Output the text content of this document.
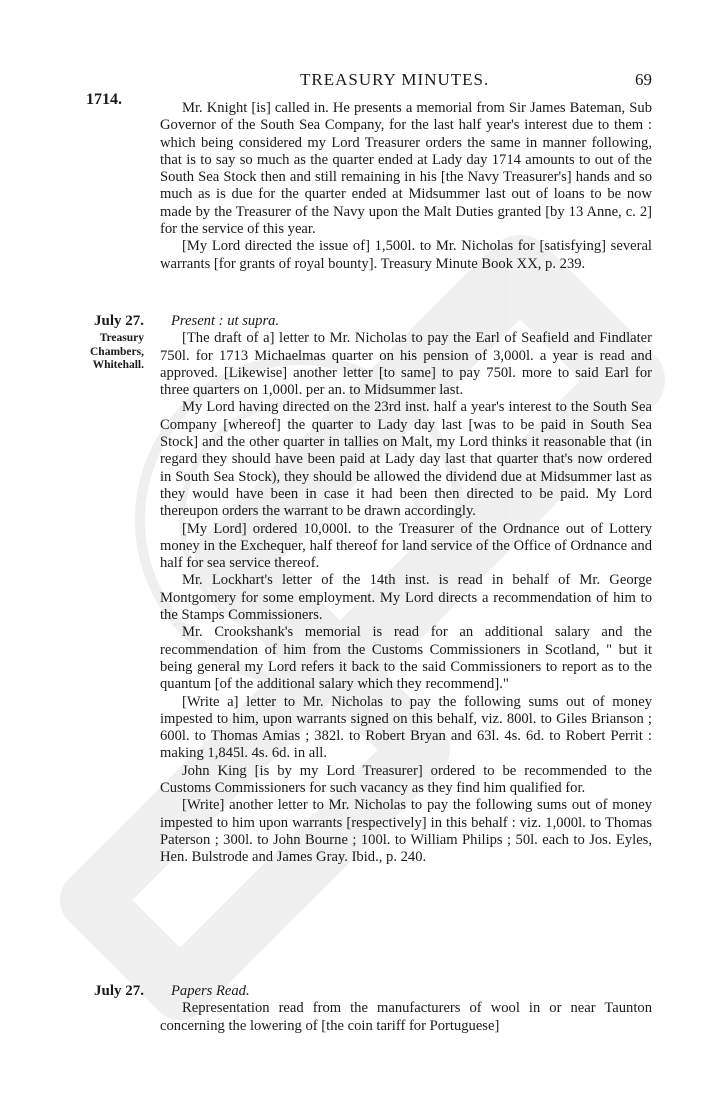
TREASURY MINUTES.	69
1714.	Mr. Knight [is] called in. He presents a memorial from Sir James Bateman, Sub Governor of the South Sea Company, for the last half year's interest due to them : which being considered my Lord Treasurer orders the same in manner following, that is to say so much as the quarter ended at Lady day 1714 amounts to out of the South Sea Stock then and still remaining in his [the Navy Treasurer's] hands and so much as is due for the quarter ended at Midsummer last out of loans to be now made by the Treasurer of the Navy upon the Malt Duties granted [by 13 Anne, c. 2] for the service of this year.

[My Lord directed the issue of] 1,500l. to Mr. Nicholas for [satisfying] several warrants [for grants of royal bounty]. Treasury Minute Book XX, p. 239.

July 27.
Treasury
Chambers,
Whitehall.

Present : ut supra.

[The draft of a] letter to Mr. Nicholas to pay the Earl of Seafield and Findlater 750l. for 1713 Michaelmas quarter on his pension of 3,000l. a year is read and approved. [Likewise] another letter [to same] to pay 750l. more to said Earl for three quarters on 1,000l. per an. to Midsummer last.

My Lord having directed on the 23rd inst. half a year's interest to the South Sea Company [whereof] the quarter to Lady day last [was to be paid in South Sea Stock] and the other quarter in tallies on Malt, my Lord thinks it reasonable that (in regard they should have been paid at Lady day last that quarter that's now ordered in South Sea Stock), they should be allowed the dividend due at Midsummer last as they would have been in case it had been then directed to be paid. My Lord thereupon orders the warrant to be drawn accordingly.

[My Lord] ordered 10,000l. to the Treasurer of the Ordnance out of Lottery money in the Exchequer, half thereof for land service of the Office of Ordnance and half for sea service thereof.

Mr. Lockhart's letter of the 14th inst. is read in behalf of Mr. George Montgomery for some employment. My Lord directs a recommendation of him to the Stamps Commissioners.

Mr. Crookshank's memorial is read for an additional salary and the recommendation of him from the Customs Commissioners in Scotland, " but it being general my Lord refers it back to the said Commissioners to report as to the quantum [of the additional salary which they recommend]."

[Write a] letter to Mr. Nicholas to pay the following sums out of money impested to him, upon warrants signed on this behalf, viz. 800l. to Giles Brianson ; 600l. to Thomas Amias ; 382l. to Robert Bryan and 63l. 4s. 6d. to Robert Perrit : making 1,845l. 4s. 6d. in all.

John King [is by my Lord Treasurer] ordered to be recommended to the Customs Commissioners for such vacancy as they find him qualified for.

[Write] another letter to Mr. Nicholas to pay the following sums out of money impested to him upon warrants [respectively] in this behalf : viz. 1,000l. to Thomas Paterson ; 300l. to John Bourne ; 100l. to William Philips ; 50l. each to Jos. Eyles, Hen. Bulstrode and James Gray. Ibid., p. 240.

July 27.	Papers Read.

Representation read from the manufacturers of wool in or near Taunton concerning the lowering of [the coin tariff for Portuguese]
